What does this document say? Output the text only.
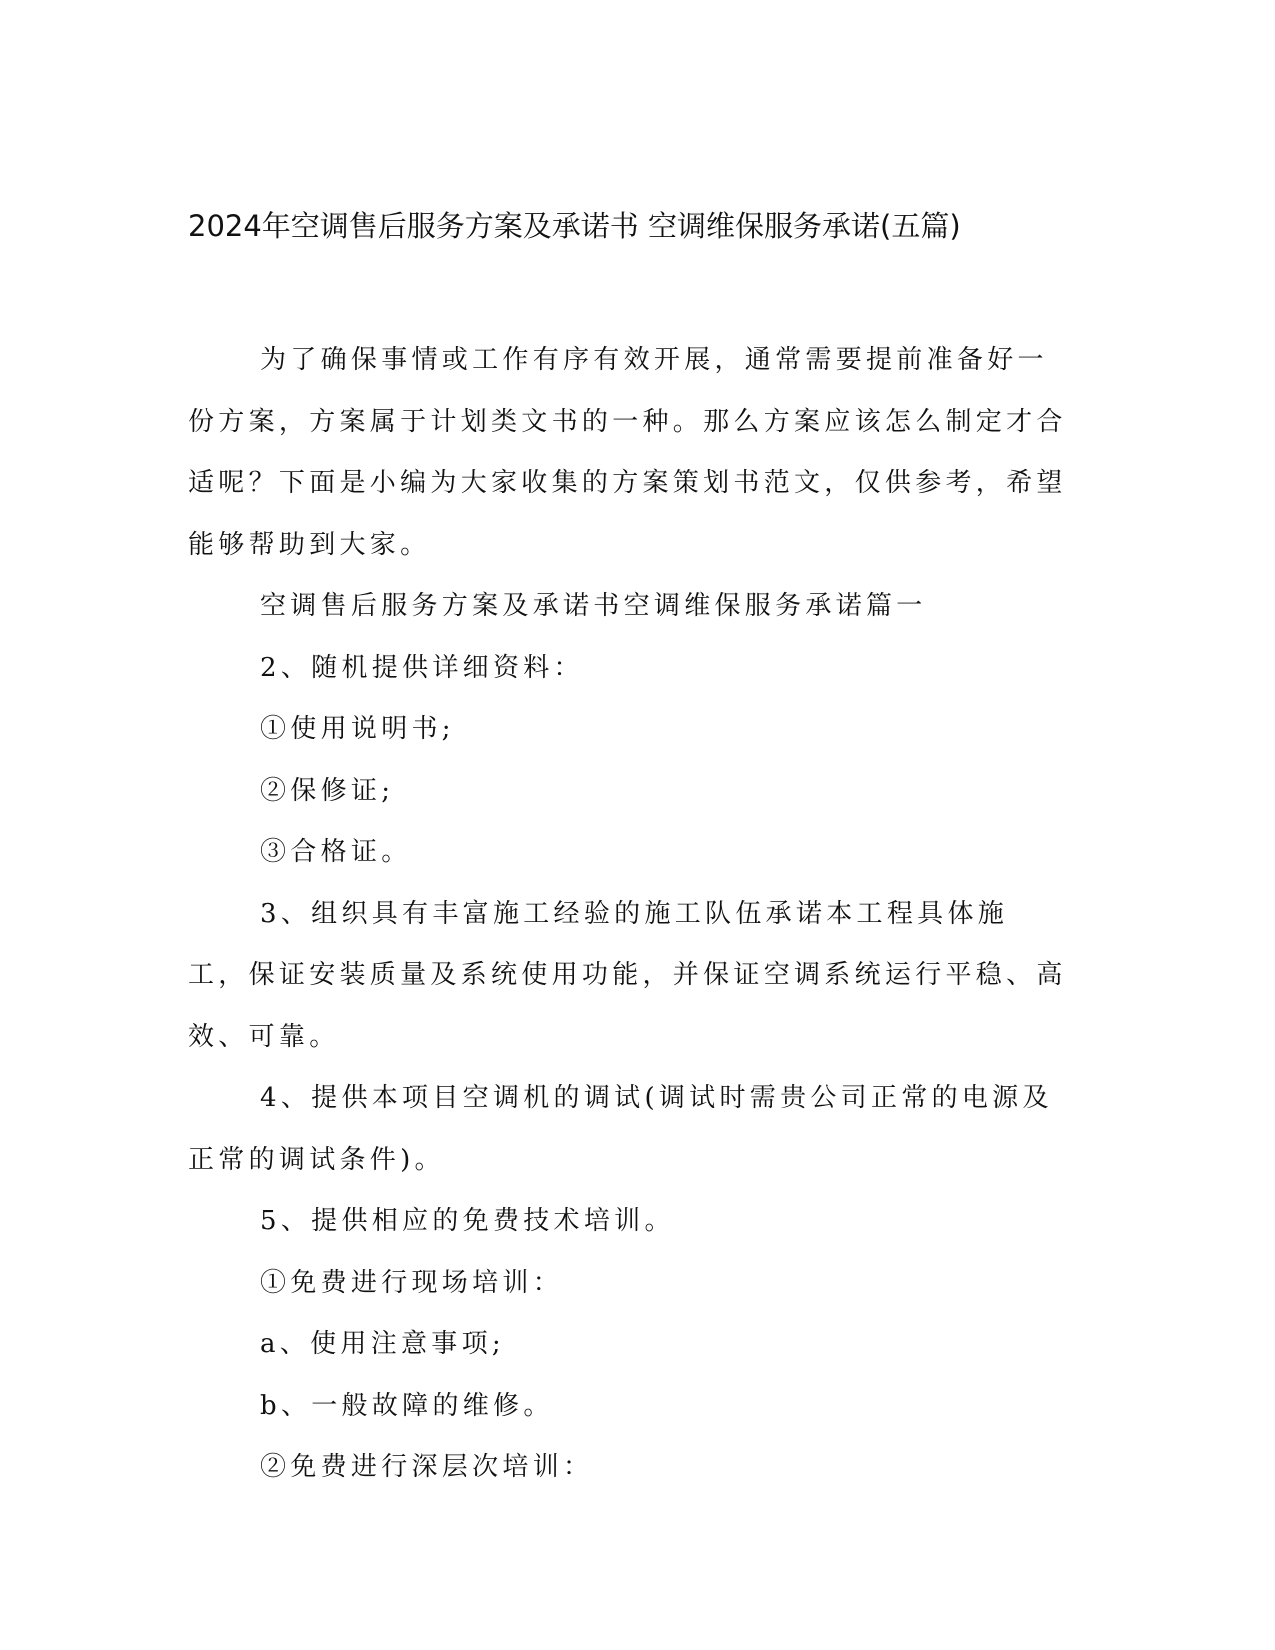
2024年空调售后服务方案及承诺书 空调维保服务承诺(五篇)

为了确保事情或工作有序有效开展，通常需要提前准备好一份方案，方案属于计划类文书的一种。那么方案应该怎么制定才合适呢？下面是小编为大家收集的方案策划书范文，仅供参考，希望能够帮助到大家。

空调售后服务方案及承诺书空调维保服务承诺篇一

2、随机提供详细资料：

①使用说明书;

②保修证;

③合格证。

3、组织具有丰富施工经验的施工队伍承诺本工程具体施工，保证安装质量及系统使用功能，并保证空调系统运行平稳、高效、可靠。

4、提供本项目空调机的调试(调试时需贵公司正常的电源及正常的调试条件)。

5、提供相应的免费技术培训。

①免费进行现场培训：

a、使用注意事项;

b、一般故障的维修。

②免费进行深层次培训：
